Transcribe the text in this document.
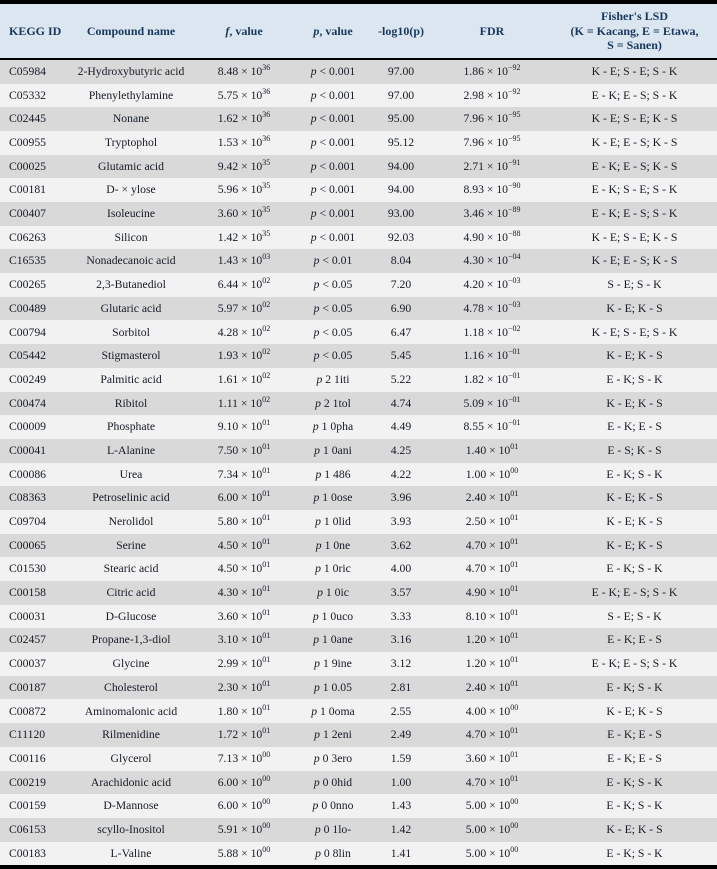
KEGG ID	Compound name	f, value	p, value	-log10(p)	FDR	Fisher's LSD
(K = Kacang, E = Etawa,
S = Sanen)
C05984	2-Hydroxybutyric acid	$8.48 \times 10^{36}$	p < 0.001	97.00	$1.86 \times 10^{-92}$	K - E; S - E; S - K
C05332	Phenylethylamine	$5.75 \times 10^{36}$	p < 0.001	97.00	$2.98 \times 10^{-92}$	E - K; E - S; S - K
C02445	Nonane	$1.62 \times 10^{36}$	p < 0.001	95.00	$7.96 \times 10^{-95}$	K - E; S - E; K - S
C00955	Tryptophol	$1.53 \times 10^{36}$	p < 0.001	95.12	$7.96 \times 10^{-95}$	K - E; E - S; K - S
C00025	Glutamic acid	$9.42 \times 10^{35}$	p < 0.001	94.00	$2.71 \times 10^{-91}$	E - K; E - S; K - S
C00181	D- × ylose	$5.96 \times 10^{35}$	p < 0.001	94.00	$8.93 \times 10^{-90}$	E - K; S - E; S - K
C00407	Isoleucine	$3.60 \times 10^{35}$	p < 0.001	93.00	$3.46 \times 10^{-89}$	E - K; E - S; S - K
C06263	Silicon	$1.42 \times 10^{35}$	p < 0.001	92.03	$4.90 \times 10^{-88}$	K - E; S - E; K - S
C16535	Nonadecanoic acid	$1.43 \times 10^{03}$	p < 0.01	8.04	$4.30 \times 10^{-04}$	K - E; E - S; K - S
C00265	2,3-Butanediol	$6.44 \times 10^{02}$	p < 0.05	7.20	$4.20 \times 10^{-03}$	S - E; S - K
C00489	Glutaric acid	$5.97 \times 10^{02}$	p < 0.05	6.90	$4.78 \times 10^{-03}$	K - E; K - S
C00794	Sorbitol	$4.28 \times 10^{02}$	p < 0.05	6.47	$1.18 \times 10^{-02}$	K - E; S - E; S - K
C05442	Stigmasterol	$1.93 \times 10^{02}$	p < 0.05	5.45	$1.16 \times 10^{-01}$	K - E; K - S
C00249	Palmitic acid	$1.61 \times 10^{02}$	p 2 1iti	5.22	$1.82 \times 10^{-01}$	E - K; S - K
C00474	Ribitol	$1.11 \times 10^{02}$	p 2 1tol	4.74	$5.09 \times 10^{-01}$	K - E; K - S
C00009	Phosphate	$9.10 \times 10^{01}$	p 1 0pha	4.49	$8.55 \times 10^{-01}$	E - K; E - S
C00041	L-Alanine	$7.50 \times 10^{01}$	p 1 0ani	4.25	$1.40 \times 10^{01}$	E - S; K - S
C00086	Urea	$7.34 \times 10^{01}$	p 1 486	4.22	$1.00 \times 10^{00}$	E - K; S - K
C08363	Petroselinic acid	$6.00 \times 10^{01}$	p 1 0ose	3.96	$2.40 \times 10^{01}$	K - E; K - S
C09704	Nerolidol	$5.80 \times 10^{01}$	p 1 0lid	3.93	$2.50 \times 10^{01}$	K - E; K - S
C00065	Serine	$4.50 \times 10^{01}$	p 1 0ne	3.62	$4.70 \times 10^{01}$	K - E; K - S
C01530	Stearic acid	$4.50 \times 10^{01}$	p 1 0ric	4.00	$4.70 \times 10^{01}$	E - K; S - K
C00158	Citric acid	$4.30 \times 10^{01}$	p 1 0ic	3.57	$4.90 \times 10^{01}$	E - K; E - S; S - K
C00031	D-Glucose	$3.60 \times 10^{01}$	p 1 0uco	3.33	$8.10 \times 10^{01}$	S - E; S - K
C02457	Propane-1,3-diol	$3.10 \times 10^{01}$	p 1 0ane	3.16	$1.20 \times 10^{01}$	E - K; E - S
C00037	Glycine	$2.99 \times 10^{01}$	p 1 9ine	3.12	$1.20 \times 10^{01}$	E - K; E - S; S - K
C00187	Cholesterol	$2.30 \times 10^{01}$	p 1 0.05	2.81	$2.40 \times 10^{01}$	E - K; S - K
C00872	Aminomalonic acid	$1.80 \times 10^{01}$	p 1 0oma	2.55	$4.00 \times 10^{00}$	K - E; K - S
C11120	Rilmenidine	$1.72 \times 10^{01}$	p 1 2eni	2.49	$4.70 \times 10^{01}$	E - K; E - S
C00116	Glycerol	$7.13 \times 10^{00}$	p 0 3ero	1.59	$3.60 \times 10^{01}$	E - K; E - S
C00219	Arachidonic acid	$6.00 \times 10^{00}$	p 0 0hid	1.00	$4.70 \times 10^{01}$	E - K; S - K
C00159	D-Mannose	$6.00 \times 10^{00}$	p 0 0nno	1.43	$5.00 \times 10^{00}$	E - K; S - K
C06153	scyllo-Inositol	$5.91 \times 10^{00}$	p 0 1lo-	1.42	$5.00 \times 10^{00}$	K - E; K - S
C00183	L-Valine	$5.88 \times 10^{00}$	p 0 8lin	1.41	$5.00 \times 10^{00}$	E - K; S - K
